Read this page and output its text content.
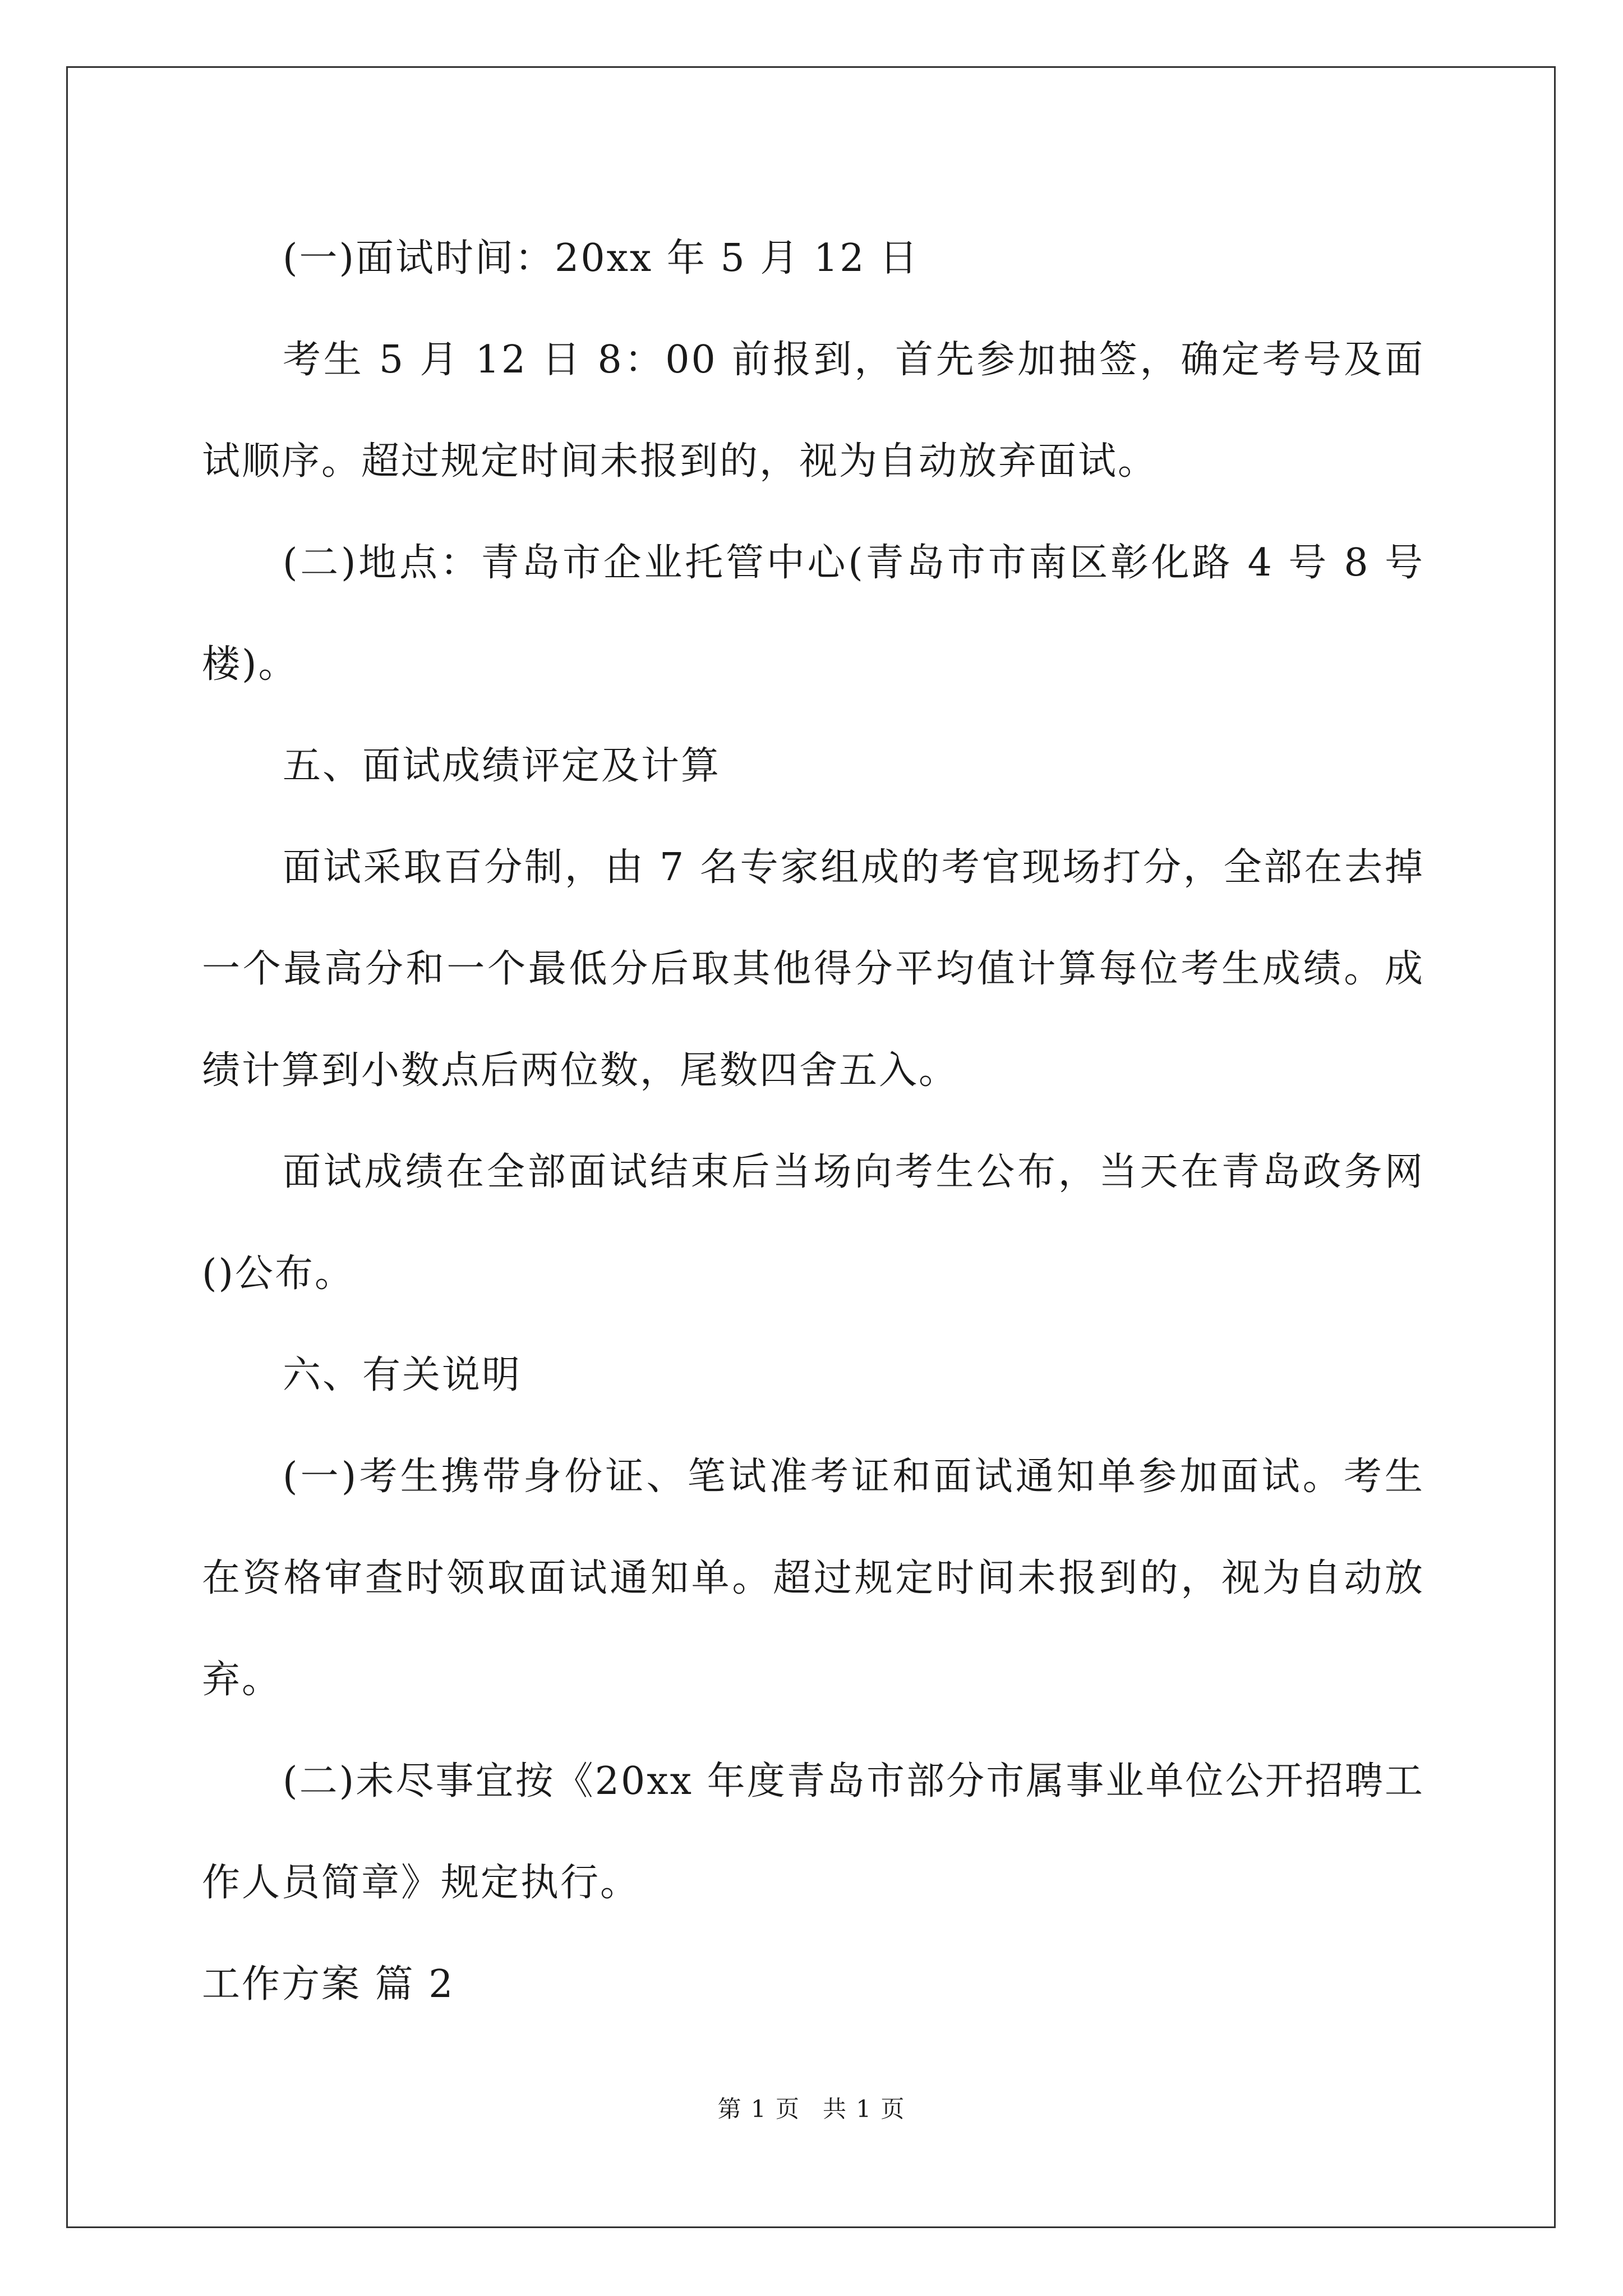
(一)面试时间：20xx 年 5 月 12 日

考生 5 月 12 日 8：00 前报到，首先参加抽签，确定考号及面试顺序。超过规定时间未报到的，视为自动放弃面试。

(二)地点：青岛市企业托管中心(青岛市市南区彰化路 4 号 8 号楼)。

五、面试成绩评定及计算

面试采取百分制，由 7 名专家组成的考官现场打分，全部在去掉一个最高分和一个最低分后取其他得分平均值计算每位考生成绩。成绩计算到小数点后两位数，尾数四舍五入。

面试成绩在全部面试结束后当场向考生公布，当天在青岛政务网()公布。

六、有关说明

(一)考生携带身份证、笔试准考证和面试通知单参加面试。考生在资格审查时领取面试通知单。超过规定时间未报到的，视为自动放弃。

(二)未尽事宜按《20xx 年度青岛市部分市属事业单位公开招聘工作人员简章》规定执行。

工作方案 篇 2

第 1 页 共 1 页
